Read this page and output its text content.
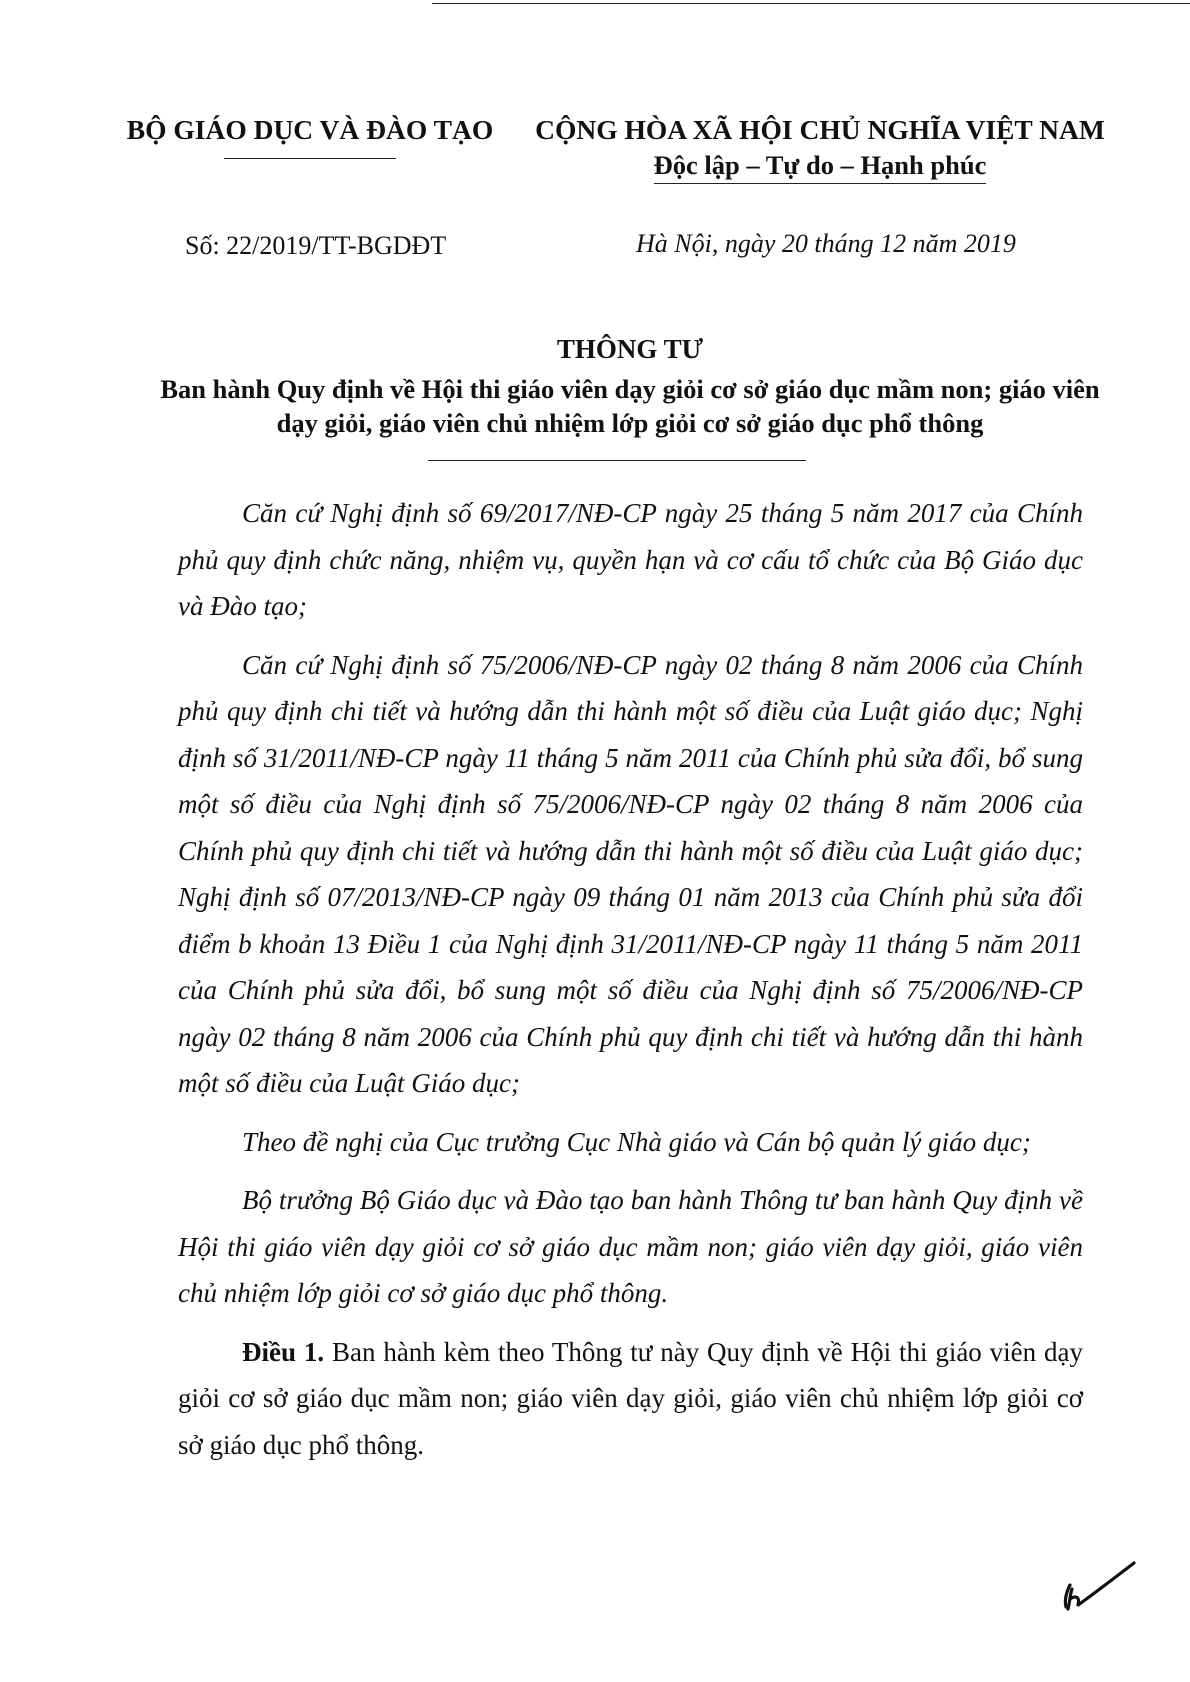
BỘ GIÁO DỤC VÀ ĐÀO TẠO	CỘNG HÒA XÃ HỘI CHỦ NGHĨA VIỆT NAM
Độc lập – Tự do – Hạnh phúc
Số: 22/2019/TT-BGDĐT	Hà Nội, ngày 20 tháng 12 năm 2019
THÔNG TƯ
Ban hành Quy định về Hội thi giáo viên dạy giỏi cơ sở giáo dục mầm non; giáo viên dạy giỏi, giáo viên chủ nhiệm lớp giỏi cơ sở giáo dục phổ thông

Căn cứ Nghị định số 69/2017/NĐ-CP ngày 25 tháng 5 năm 2017 của Chính phủ quy định chức năng, nhiệm vụ, quyền hạn và cơ cấu tổ chức của Bộ Giáo dục và Đào tạo;

Căn cứ Nghị định số 75/2006/NĐ-CP ngày 02 tháng 8 năm 2006 của Chính phủ quy định chi tiết và hướng dẫn thi hành một số điều của Luật giáo dục; Nghị định số 31/2011/NĐ-CP ngày 11 tháng 5 năm 2011 của Chính phủ sửa đổi, bổ sung một số điều của Nghị định số 75/2006/NĐ-CP ngày 02 tháng 8 năm 2006 của Chính phủ quy định chi tiết và hướng dẫn thi hành một số điều của Luật giáo dục; Nghị định số 07/2013/NĐ-CP ngày 09 tháng 01 năm 2013 của Chính phủ sửa đổi điểm b khoản 13 Điều 1 của Nghị định 31/2011/NĐ-CP ngày 11 tháng 5 năm 2011 của Chính phủ sửa đổi, bổ sung một số điều của Nghị định số 75/2006/NĐ-CP ngày 02 tháng 8 năm 2006 của Chính phủ quy định chi tiết và hướng dẫn thi hành một số điều của Luật Giáo dục;

Theo đề nghị của Cục trưởng Cục Nhà giáo và Cán bộ quản lý giáo dục;

Bộ trưởng Bộ Giáo dục và Đào tạo ban hành Thông tư ban hành Quy định về Hội thi giáo viên dạy giỏi cơ sở giáo dục mầm non; giáo viên dạy giỏi, giáo viên chủ nhiệm lớp giỏi cơ sở giáo dục phổ thông.

Điều 1. Ban hành kèm theo Thông tư này Quy định về Hội thi giáo viên dạy giỏi cơ sở giáo dục mầm non; giáo viên dạy giỏi, giáo viên chủ nhiệm lớp giỏi cơ sở giáo dục phổ thông.
